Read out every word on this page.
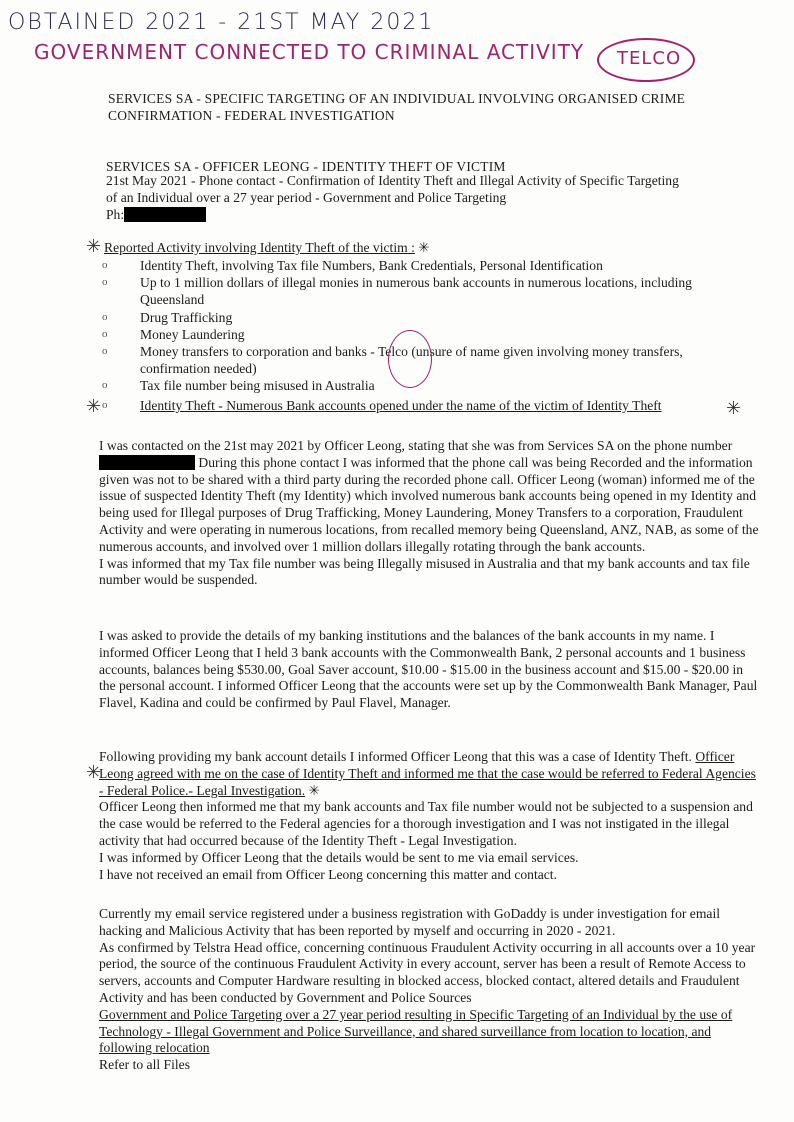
OBTAINED 2021 - 21ST MAY 2021
GOVERNMENT CONNECTED TO CRIMINAL ACTIVITY TELCO
SERVICES SA - SPECIFIC TARGETING OF AN INDIVIDUAL INVOLVING ORGANISED CRIME
CONFIRMATION - FEDERAL INVESTIGATION
SERVICES SA - OFFICER LEONG - IDENTITY THEFT OF VICTIM
21st May 2021 - Phone contact - Confirmation of Identity Theft and Illegal Activity of Specific Targeting
of an Individual over a 27 year period - Government and Police Targeting
Ph:
✳ Reported Activity involving Identity Theft of the victim : ✳
o Identity Theft, involving Tax file Numbers, Bank Credentials, Personal Identification
o Up to 1 million dollars of illegal monies in numerous bank accounts in numerous locations, including Queensland
o Drug Trafficking
o Money Laundering
o Money transfers to corporation and banks - Telco (unsure of name given involving money transfers, confirmation needed)
o Tax file number being misused in Australia
o Identity Theft - Numerous Bank accounts opened under the name of the victim of Identity Theft
✳	✳
I was contacted on the 21st may 2021 by Officer Leong, stating that she was from Services SA on the phone number  During this phone contact I was informed that the phone call was being Recorded and the information given was not to be shared with a third party during the recorded phone call. Officer Leong (woman) informed me of the issue of suspected Identity Theft (my Identity) which involved numerous bank accounts being opened in my Identity and being used for Illegal purposes of Drug Trafficking, Money Laundering, Money Transfers to a corporation, Fraudulent Activity and were operating in numerous locations, from recalled memory being Queensland, ANZ, NAB, as some of the numerous accounts, and involved over 1 million dollars illegally rotating through the bank accounts.
I was informed that my Tax file number was being Illegally misused in Australia and that my bank accounts and tax file number would be suspended.
I was asked to provide the details of my banking institutions and the balances of the bank accounts in my name. I informed Officer Leong that I held 3 bank accounts with the Commonwealth Bank, 2 personal accounts and 1 business accounts, balances being $530.00, Goal Saver account, $10.00 - $15.00 in the business account and $15.00 - $20.00 in the personal account. I informed Officer Leong that the accounts were set up by the Commonwealth Bank Manager, Paul Flavel, Kadina and could be confirmed by Paul Flavel, Manager.
✳
Following providing my bank account details I informed Officer Leong that this was a case of Identity Theft. Officer Leong agreed with me on the case of Identity Theft and informed me that the case would be referred to Federal Agencies - Federal Police.- Legal Investigation. ✳
Officer Leong then informed me that my bank accounts and Tax file number would not be subjected to a suspension and the case would be referred to the Federal agencies for a thorough investigation and I was not instigated in the illegal activity that had occurred because of the Identity Theft - Legal Investigation.
I was informed by Officer Leong that the details would be sent to me via email services.
I have not received an email from Officer Leong concerning this matter and contact.
Currently my email service registered under a business registration with GoDaddy is under investigation for email hacking and Malicious Activity that has been reported by myself and occurring in 2020 - 2021.
As confirmed by Telstra Head office, concerning continuous Fraudulent Activity occurring in all accounts over a 10 year period, the source of the continuous Fraudulent Activity in every account, server has been a result of Remote Access to servers, accounts and Computer Hardware resulting in blocked access, blocked contact, altered details and Fraudulent Activity and has been conducted by Government and Police Sources
Government and Police Targeting over a 27 year period resulting in Specific Targeting of an Individual by the use of Technology - Illegal Government and Police Surveillance, and shared surveillance from location to location, and following relocation
Refer to all Files
